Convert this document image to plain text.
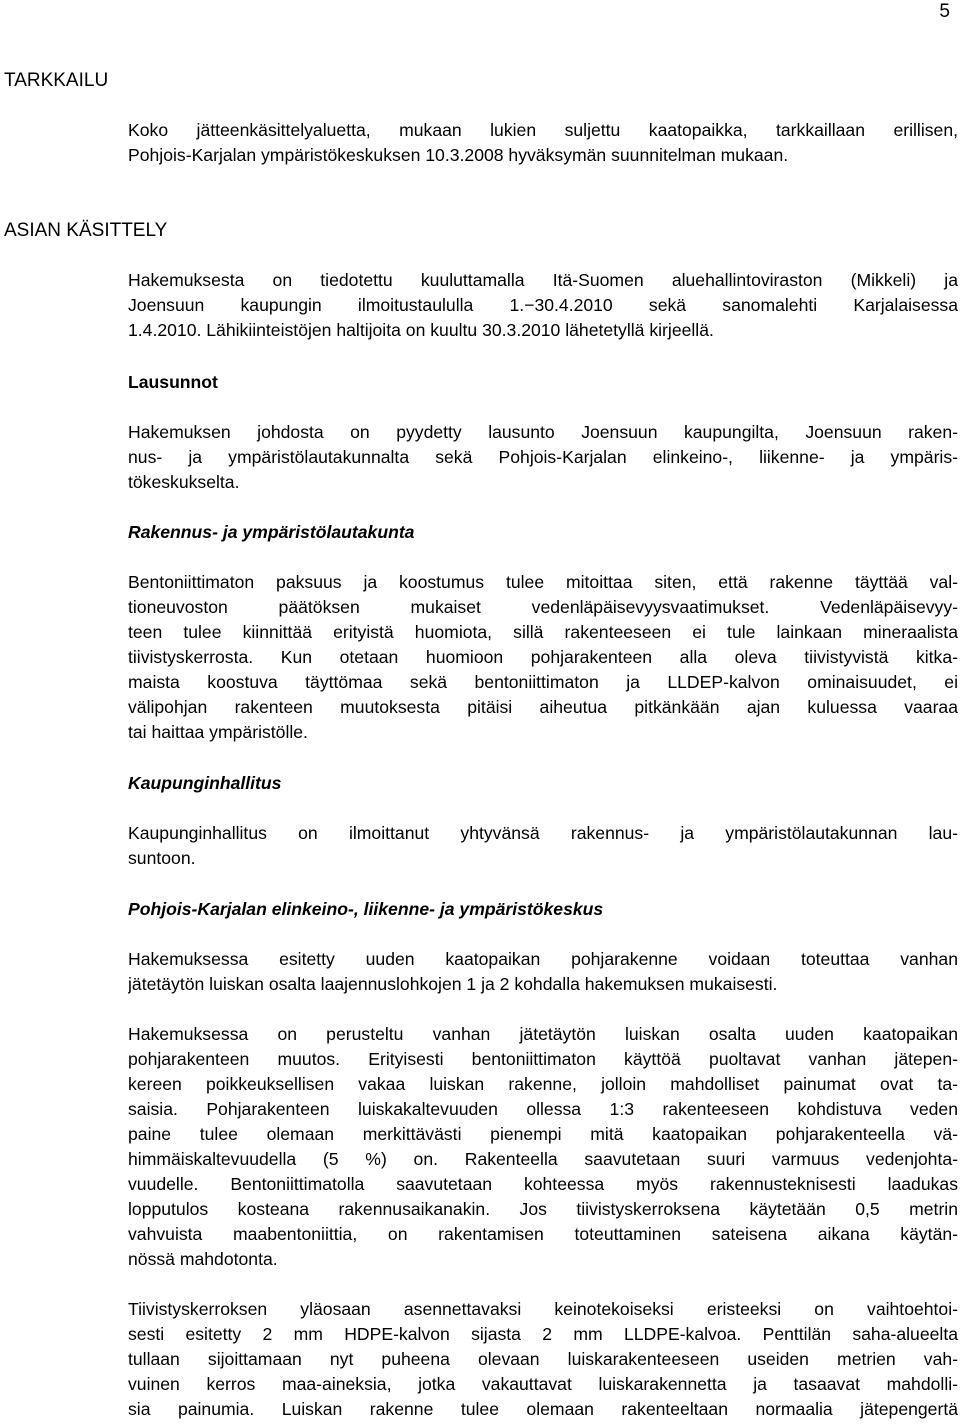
5
TARKKAILU
Koko jätteenkäsittelyaluetta, mukaan lukien suljettu kaatopaikka, tarkkaillaan erillisen,
Pohjois-Karjalan ympäristökeskuksen 10.3.2008 hyväksymän suunnitelman mukaan.
ASIAN KÄSITTELY
Hakemuksesta on tiedotettu kuuluttamalla Itä-Suomen aluehallintoviraston (Mikkeli) ja
Joensuun kaupungin ilmoitustaululla 1.−30.4.2010 sekä sanomalehti Karjalaisessa
1.4.2010. Lähikiinteistöjen haltijoita on kuultu 30.3.2010 lähetetyllä kirjeellä.
Lausunnot
Hakemuksen johdosta on pyydetty lausunto Joensuun kaupungilta, Joensuun raken-
nus- ja ympäristölautakunnalta sekä Pohjois-Karjalan elinkeino-, liikenne- ja ympäris-
tökeskukselta.
Rakennus- ja ympäristölautakunta
Bentoniittimaton paksuus ja koostumus tulee mitoittaa siten, että rakenne täyttää val-
tioneuvoston päätöksen mukaiset vedenläpäisevyysvaatimukset. Vedenläpäisevyy-
teen tulee kiinnittää erityistä huomiota, sillä rakenteeseen ei tule lainkaan mineraalista
tiivistyskerrosta. Kun otetaan huomioon pohjarakenteen alla oleva tiivistyvistä kitka-
maista koostuva täyttömaa sekä bentoniittimaton ja LLDEP-kalvon ominaisuudet, ei
välipohjan rakenteen muutoksesta pitäisi aiheutua pitkänkään ajan kuluessa vaaraa
tai haittaa ympäristölle.
Kaupunginhallitus
Kaupunginhallitus on ilmoittanut yhtyvänsä rakennus- ja ympäristölautakunnan lau-
suntoon.
Pohjois-Karjalan elinkeino-, liikenne- ja ympäristökeskus
Hakemuksessa esitetty uuden kaatopaikan pohjarakenne voidaan toteuttaa vanhan
jätetäytön luiskan osalta laajennuslohkojen 1 ja 2 kohdalla hakemuksen mukaisesti.
Hakemuksessa on perusteltu vanhan jätetäytön luiskan osalta uuden kaatopaikan
pohjarakenteen muutos. Erityisesti bentoniittimaton käyttöä puoltavat vanhan jätepen-
kereen poikkeuksellisen vakaa luiskan rakenne, jolloin mahdolliset painumat ovat ta-
saisia. Pohjarakenteen luiskakaltevuuden ollessa 1:3 rakenteeseen kohdistuva veden
paine tulee olemaan merkittävästi pienempi mitä kaatopaikan pohjarakenteella vä-
himmäiskaltevuudella (5 %) on. Rakenteella saavutetaan suuri varmuus vedenjohta-
vuudelle. Bentoniittimatolla saavutetaan kohteessa myös rakennusteknisesti laadukas
lopputulos kosteana rakennusaikanakin. Jos tiivistyskerroksena käytetään 0,5 metrin
vahvuista maabentoniittia, on rakentamisen toteuttaminen sateisena aikana käytän-
nössä mahdotonta.
Tiivistyskerroksen yläosaan asennettavaksi keinotekoiseksi eristeeksi on vaihtoehtoi-
sesti esitetty 2 mm HDPE-kalvon sijasta 2 mm LLDPE-kalvoa. Penttilän saha-alueelta
tullaan sijoittamaan nyt puheena olevaan luiskarakenteeseen useiden metrien vah-
vuinen kerros maa-aineksia, jotka vakauttavat luiskarakennetta ja tasaavat mahdolli-
sia painumia. Luiskan rakenne tulee olemaan rakenteeltaan normaalia jätepengertä
